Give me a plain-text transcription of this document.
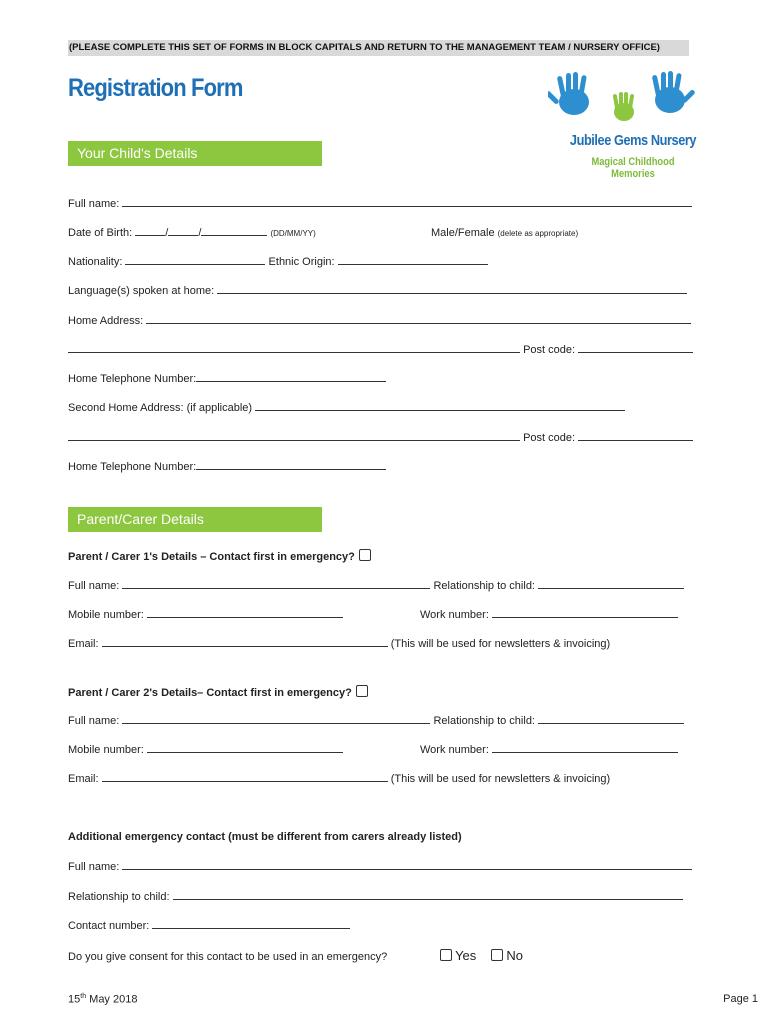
(PLEASE COMPLETE THIS SET OF FORMS IN BLOCK CAPITALS AND RETURN TO THE MANAGEMENT TEAM / NURSERY OFFICE)
Registration Form
Jubilee Gems Nursery
Magical Childhood Memories
Your Child's Details
Full name:
Date of Birth:	/	/	(DD/MM/YY)	Male/Female (delete as appropriate)
Nationality:	Ethnic Origin:
Language(s) spoken at home:
Home Address:
Post code:
Home Telephone Number:
Second Home Address: (if applicable)
Post code:
Home Telephone Number:
Parent/Carer Details
Parent / Carer 1's Details – Contact first in emergency?
Full name:	Relationship to child:
Mobile number:	Work number:
Email:	(This will be used for newsletters & invoicing)
Parent / Carer 2's Details– Contact first in emergency?
Full name:	Relationship to child:
Mobile number:	Work number:
Email:	(This will be used for newsletters & invoicing)
Additional emergency contact (must be different from carers already listed)
Full name:
Relationship to child:
Contact number:
Do you give consent for this contact to be used in an emergency?	Yes No
15th May 2018	Page 1
